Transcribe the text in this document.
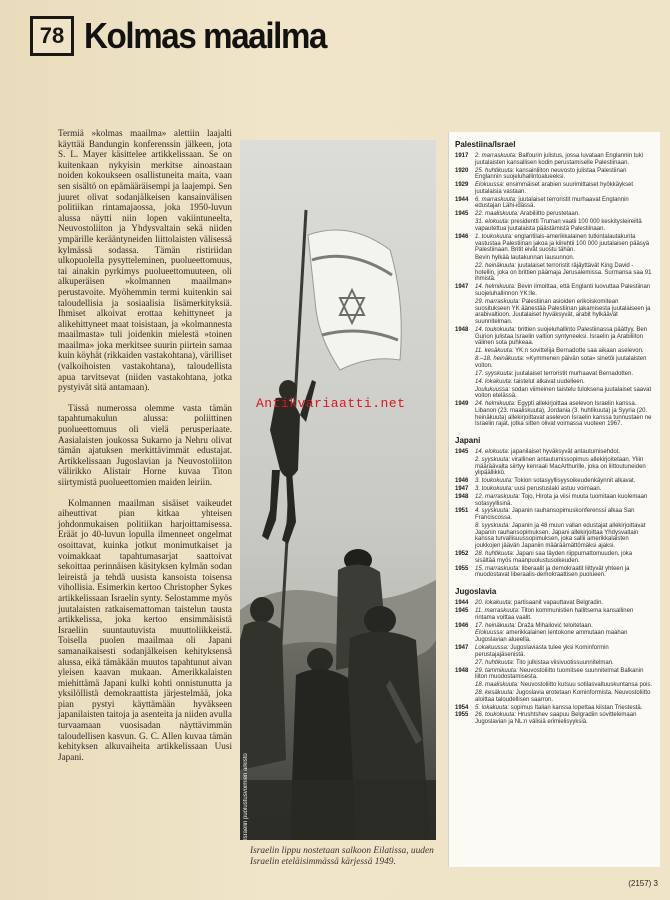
78 Kolmas maailma

Termiä »kolmas maailma» alettiin laajalti käyttää Bandungin konferenssin jälkeen, jota S. L. Mayer käsittelee artikkelissaan. Se on kuitenkaan nykyisin merkitse ainoastaan noiden kokoukseen osallistuneita maita, vaan sen sisältö on epämääräisempi ja laajempi. Sen juuret olivat sodanjälkeisen kansainvälisen politiikan rintamajaossa, joka 1950-luvun alussa näytti niin lopen vakiintuneelta, Neuvostoliiton ja Yhdysvaltain sekä niiden ympärille kerääntyneiden liittolaisten välisessä kylmässä sodassa. Tämän ristiriidan ulkopuolella pysytteleminen, puolueettomuus, tai ainakin pyrkimys puolueettomuuteen, oli alkuperäisen »kolmannen maailman» perustavoite. Myöhemmin termi kuitenkin sai taloudellisia ja sosiaalisia lisämerkityksiä. Ihmiset alkoivat erottaa kehittyneet ja alikehittyneet maat toisistaan, ja »kolmannesta maailmasta» tuli joidenkin mielestä »toinen maailma» joka merkitsee suurin piirtein samaa kuin köyhät (rikkaiden vastakohtana), värilliset (valkoihoisten vastakohtana), taloudellista apua tarvitsevat (niiden vastakohtana, jotka pystyivät sitä antamaan).

Tässä numerossa olemme vasta tämän tapahtumakulun alussa: poliittinen puolueettomuus oli vielä perusperiaate. Aasialaisten joukossa Sukarno ja Nehru olivat tämän ajatuksen merkittävimmät edustajat. Artikkelissaan Jugoslavian ja Neuvostoliiton välirikko Alistair Horne kuvaa Titon siirtymistä puolueettomien maiden leiriin.

Kolmannen maailman sisäiset vaikeudet aiheuttivat pian kitkaa yhteisen johdonmukaisen politiikan harjoittamisessa. Eräät jo 40-luvun lopulla ilmenneet ongelmat osoittavat, kuinka jotkut monimutkaiset ja voimakkaat tapahtumasarjat saattoivat sekoittaa perinnäisen käsityksen kylmän sodan leireistä ja tehdä uusista kansoista toisensa vihollisia. Esimerkin kertoo Christopher Sykes artikkelissaan Israelin synty. Selostamme myös juutalaisten ratkaisemattoman taistelun tausta artikkelissa, joka kertoo ensimmäisistä Israeliin suuntautuvista muuttoliikkeistä. Toisella puolen maailmaa oli Japani samanaikaisesti sodanjälkeisen kehityksensä alussa, eikä tämäkään muutos tapahtunut aivan yleisen kaavan mukaan. Amerikkalaisten miehittämä Japani kulki kohti onnistunutta ja yksilöllistä demokraattista järjestelmää, joka pian pystyi käyttämään hyväkseen japanilaisten taitoja ja asenteita ja niiden avulla turvaamaan vuosisadan näyttävimmän taloudellisen kasvun. G. C. Allen kuvaa tämän kehityksen alkuvaiheita artikkelissaan Uusi Japani.	Israelin puolustusvoimien arkisto
Israelin lippu nostetaan salkoon Eilatissa, uuden Israelin eteläisimmässä kärjessä 1949.
Antikvariaatti.net
Palestiina/Israel
1917	2. marraskuuta: Balfourin julistus, jossa luvataan Englannin tuki juutalaisten kansallisen kodin perustamiselle Palestiinaan.
1920	25. huhtikuuta: kansainliiton neuvosto julistaa Palestiinan Englannin suojeluhallintoalueeksi.
1929	Elokuussa: ensimmäiset arabien suurimittaiset hyökkäykset juutalaisia vastaan.
1944	6. marraskuuta: juutalaiset terroristit murhaavat Englannin edustajan Lähi-idässä.
1945	22. maaliskuuta: Arabiliitto perustetaan.
31. elokuuta: presidentti Truman vaatii 100 000 keskitysleireiltä vapautettua juutalaista päästämistä Palestiinaan.
1946	1. toukokuuta: englantilais-amerikkalainen tutkintalautakunta vastustaa Palestiinan jakoa ja kiirehtii 100 000 juutalaisen pääsyä Palestiinaan. Britit eivät suostu tähän.
Bevin hylkää lautakunnan lausunnon.
22. heinäkuuta: juutalaiset terroristit räjäyttävät King David -hotellin, joka on brittien päämaja Jerusalemissa. Surmansa saa 91 ihmistä.
1947	14. helmikuuta: Bevin ilmoittaa, että Englanti luovuttaa Palestiinan suojeluhallinnon YK:lle.
29. marraskuuta: Palestiinan asioiden erikoiskomitean suositukseen YK äänestää Palestiinan jakamisesta juutalaiseen ja arabivaltioon. Juutalaiset hyväksyvät, arabit hylkäävät suunnitelman.
1948	14. toukokuuta: brittien suojeluhallinto Palestiinassa päättyy. Ben Gurion julistaa Israelin valtion syntyneeksi. Israelin ja Arabiliiton välinen sota puhkeaa.
11. kesäkuuta: YK:n sovittelija Bernadotte saa aikaan aselevon.
8.–18. heinäkuuta: »Kymmenen päivän sota» sinetöi juutalaisten voiton.
17. syyskuuta: juutalaiset terroristit murhaavat Bernadotten.
14. lokakuuta: taistelut alkavat uudelleen.
Joulukuussa: sodan viimeinen taistelu tuloksena juutalaiset saavat voiton etelässä.
1949	24. helmikuuta: Egypti allekirjoittaa aselevon Israelin kanssa. Libanon (23. maaliskuuta), Jordania (3. huhtikuuta) ja Syyria (20. heinäkuuta) allekirjoittavat aselevon Israelin kanssa tunnustaen ne Israelin rajat, jotka sitten olivat voimassa vuoteen 1967.
Japani
1945	14. elokuuta: japanilaiset hyväksyvät antautumisehdot.
2. syyskuuta: virallinen antautumissopimus allekirjoitetaan. Yliin määräävalta siirtyy kenraali MacArthurille, joka on liittoutuneiden ylipäällikkö.
1946	3. toukokuuta: Tokion sotasyyllisyysoikeudenkäynnit alkavat.
1947	3. toukokuuta: uusi perustuslaki astuu voimaan.
1948	12. marraskuuta: Tojo, Hirota ja viisi muuta tuomitaan kuolemaan sotasyyllisinä.
1951	4. syyskuuta: Japanin rauhansopimuskonferenssi alkaa San Franciscossa.
8. syyskuuta: Japanin ja 48 muun vallan edustajat allekirjoittavat Japanin rauhansopimuksen. Japani allekirjoittaa Yhdysvaltain kanssa turvallisuussopimuksen, joka sallii amerikkalaisten joukkojen jäävän Japaniin määräämättömäksi ajaksi.
1952	28. huhtikuuta: Japani saa täyden riippumattomuuden, joka sisältää myös maanpuolustusoikeuden.
1955	15. marraskuuta: liberaalit ja demokraatit liittyvät yhteen ja muodostavat liberaalis-demokraattisen puolueen.
Jugoslavia
1944	20. lokakuuta: partisaanit vapauttavat Belgradin.
1945	11. marraskuuta: Titon kommunistien hallitsema kansallinen rintama voittaa vaalit.
1946	17. heinäkuuta: Draža Mihailović teloitetaan.
Elokuussa: amerikkalainen lentokone ammutaan maahan Jugoslavian alueella.
1947	Lokakuussa: Jugoslaviasta tulee yksi Kominformin perustajajäsenistä.
27. huhtikuuta: Tito julkistaa viisivuotissuunnitelman.
1948	29. tammikuuta: Neuvostoliitto tuomitsee suunnitelmat Balkanin liiton muodostamisesta.
18. maaliskuuta: Neuvostoliitto kutsuu sotilasvaltuuskuntansa pois.
28. kesäkuuta: Jugoslavia erotetaan Kominformista. Neuvostoliitto aloittaa taloudellisen saarron.
1954	5. lokakuuta: sopimus Italian kanssa lopettaa kiistan Triestestä.
1955	26. toukokuuta: Hrushtshev saapuu Belgradiin sovittelemaan Jugoslavian ja NL:n välisiä erimielisyyksiä.
(2157) 3
